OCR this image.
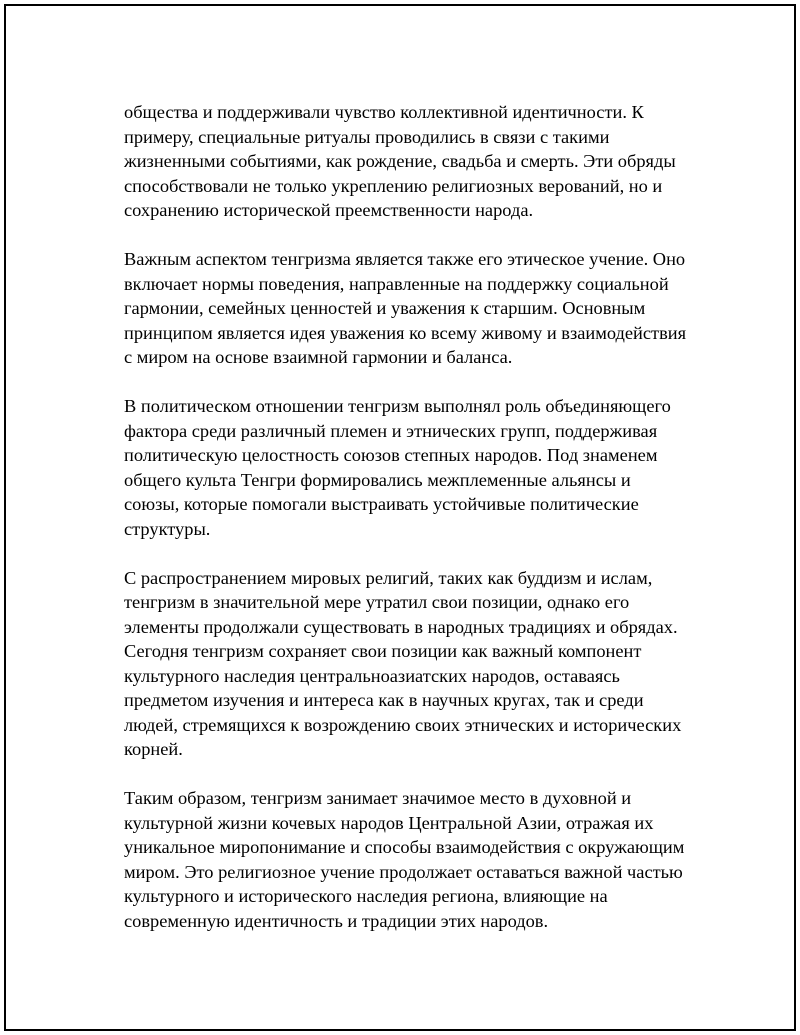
общества и поддерживали чувство коллективной идентичности. К
примеру, специальные ритуалы проводились в связи с такими
жизненными событиями, как рождение, свадьба и смерть. Эти обряды
способствовали не только укреплению религиозных верований, но и
сохранению исторической преемственности народа.

Важным аспектом тенгризма является также его этическое учение. Оно
включает нормы поведения, направленные на поддержку социальной
гармонии, семейных ценностей и уважения к старшим. Основным
принципом является идея уважения ко всему живому и взаимодействия
с миром на основе взаимной гармонии и баланса.

В политическом отношении тенгризм выполнял роль объединяющего
фактора среди различный племен и этнических групп, поддерживая
политическую целостность союзов степных народов. Под знаменем
общего культа Тенгри формировались межплеменные альянсы и
союзы, которые помогали выстраивать устойчивые политические
структуры.

С распространением мировых религий, таких как буддизм и ислам,
тенгризм в значительной мере утратил свои позиции, однако его
элементы продолжали существовать в народных традициях и обрядах.
Сегодня тенгризм сохраняет свои позиции как важный компонент
культурного наследия центральноазиатских народов, оставаясь
предметом изучения и интереса как в научных кругах, так и среди
людей, стремящихся к возрождению своих этнических и исторических
корней.

Таким образом, тенгризм занимает значимое место в духовной и
культурной жизни кочевых народов Центральной Азии, отражая их
уникальное миропонимание и способы взаимодействия с окружающим
миром. Это религиозное учение продолжает оставаться важной частью
культурного и исторического наследия региона, влияющие на
современную идентичность и традиции этих народов.
